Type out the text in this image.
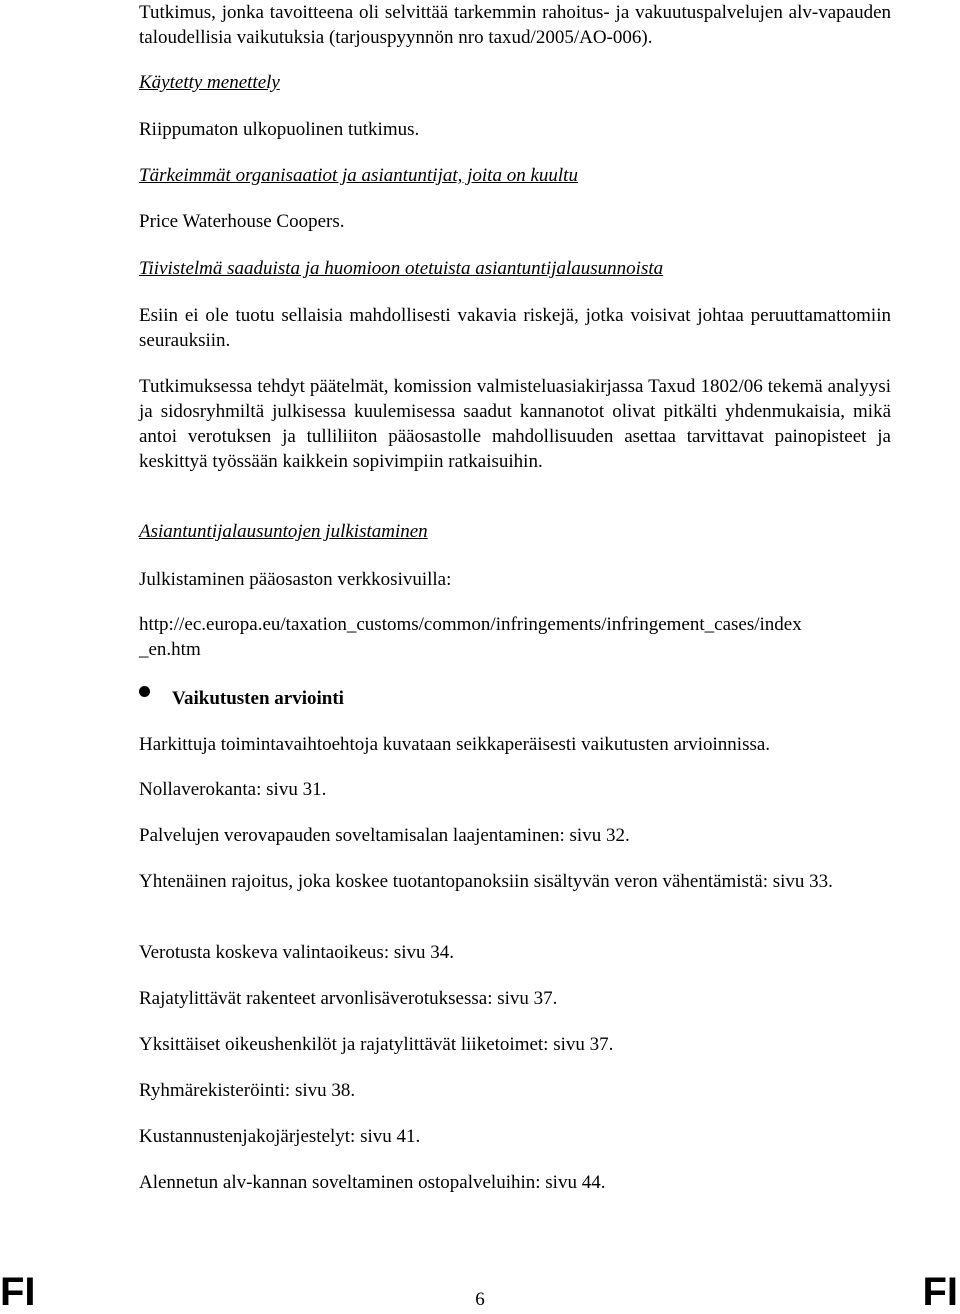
Tutkimus, jonka tavoitteena oli selvittää tarkemmin rahoitus- ja vakuutuspalvelujen alv-vapauden taloudellisia vaikutuksia (tarjouspyynnön nro taxud/2005/AO-006).

Käytetty menettely

Riippumaton ulkopuolinen tutkimus.

Tärkeimmät organisaatiot ja asiantuntijat, joita on kuultu

Price Waterhouse Coopers.

Tiivistelmä saaduista ja huomioon otetuista asiantuntijalausunnoista

Esiin ei ole tuotu sellaisia mahdollisesti vakavia riskejä, jotka voisivat johtaa peruuttamattomiin seurauksiin.

Tutkimuksessa tehdyt päätelmät, komission valmisteluasiakirjassa Taxud 1802/06 tekemä analyysi ja sidosryhmiltä julkisessa kuulemisessa saadut kannanotot olivat pitkälti yhdenmukaisia, mikä antoi verotuksen ja tulliliiton pääosastolle mahdollisuuden asettaa tarvittavat painopisteet ja keskittyä työssään kaikkein sopivimpiin ratkaisuihin.

Asiantuntijalausuntojen julkistaminen

Julkistaminen pääosaston verkkosivuilla:

http://ec.europa.eu/taxation_customs/common/infringements/infringement_cases/index

_en.htm

Vaikutusten arviointi

Harkittuja toimintavaihtoehtoja kuvataan seikkaperäisesti vaikutusten arvioinnissa.

Nollaverokanta: sivu 31.

Palvelujen verovapauden soveltamisalan laajentaminen: sivu 32.

Yhtenäinen rajoitus, joka koskee tuotantopanoksiin sisältyvän veron vähentämistä: sivu 33.

Verotusta koskeva valintaoikeus: sivu 34.

Rajatylittävät rakenteet arvonlisäverotuksessa: sivu 37.

Yksittäiset oikeushenkilöt ja rajatylittävät liiketoimet: sivu 37.

Ryhmärekisteröinti: sivu 38.

Kustannustenjakojärjestelyt: sivu 41.

Alennetun alv-kannan soveltaminen ostopalveluihin: sivu 44.

FI	6	FI
